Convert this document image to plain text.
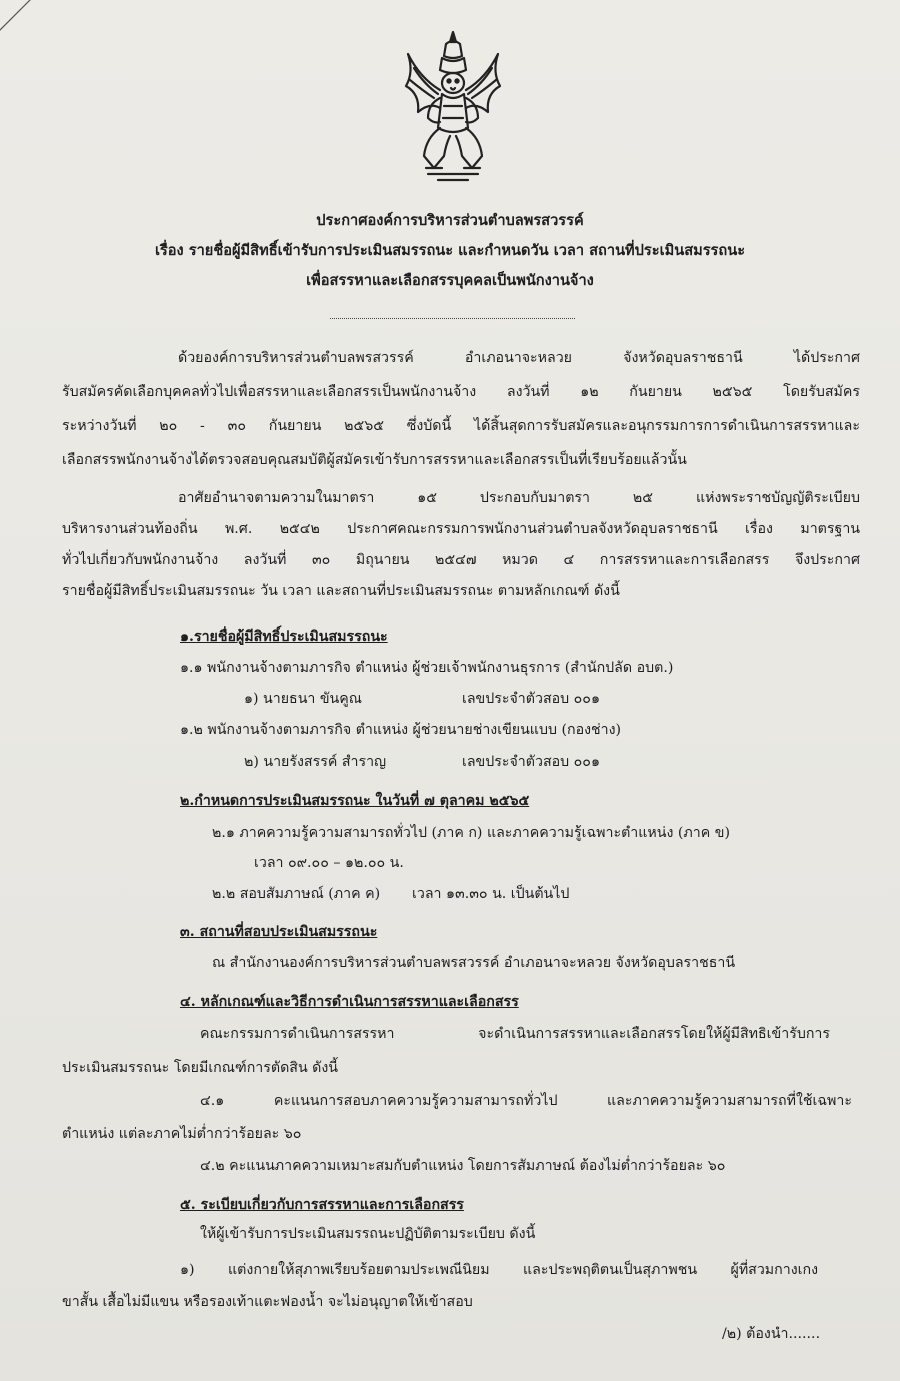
ประกาศองค์การบริหารส่วนตำบลพรสวรรค์
เรื่อง รายชื่อผู้มีสิทธิ์เข้ารับการประเมินสมรรถนะ และกำหนดวัน เวลา สถานที่ประเมินสมรรถนะ
เพื่อสรรหาและเลือกสรรบุคคลเป็นพนักงานจ้าง
ด้วยองค์การบริหารส่วนตำบลพรสวรรค์ อำเภอนาจะหลวย จังหวัดอุบลราชธานี ได้ประกาศ
รับสมัครคัดเลือกบุคคลทั่วไปเพื่อสรรหาและเลือกสรรเป็นพนักงานจ้าง ลงวันที่ ๑๒ กันยายน ๒๕๖๕ โดยรับสมัคร
ระหว่างวันที่ ๒๐ - ๓๐ กันยายน ๒๕๖๕ ซึ่งบัดนี้ ได้สิ้นสุดการรับสมัครและอนุกรรมการการดำเนินการสรรหาและ
เลือกสรรพนักงานจ้างได้ตรวจสอบคุณสมบัติผู้สมัครเข้ารับการสรรหาและเลือกสรรเป็นที่เรียบร้อยแล้วนั้น
อาศัยอำนาจตามความในมาตรา ๑๕ ประกอบกับมาตรา ๒๕ แห่งพระราชบัญญัติระเบียบ
บริหารงานส่วนท้องถิ่น พ.ศ. ๒๕๔๒ ประกาศคณะกรรมการพนักงานส่วนตำบลจังหวัดอุบลราชธานี เรื่อง มาตรฐาน
ทั่วไปเกี่ยวกับพนักงานจ้าง ลงวันที่ ๓๐ มิถุนายน ๒๕๔๗ หมวด ๔ การสรรหาและการเลือกสรร จึงประกาศ
รายชื่อผู้มีสิทธิ์ประเมินสมรรถนะ วัน เวลา และสถานที่ประเมินสมรรถนะ ตามหลักเกณฑ์ ดังนี้
๑.รายชื่อผู้มีสิทธิ์ประเมินสมรรถนะ
๑.๑ พนักงานจ้างตามภารกิจ ตำแหน่ง ผู้ช่วยเจ้าพนักงานธุรการ (สำนักปลัด อบต.)
๑) นายธนา ขันคูณ	เลขประจำตัวสอบ ๐๐๑
๑.๒ พนักงานจ้างตามภารกิจ ตำแหน่ง ผู้ช่วยนายช่างเขียนแบบ (กองช่าง)
๒) นายรังสรรค์ สำราญ	เลขประจำตัวสอบ ๐๐๑
๒.กำหนดการประเมินสมรรถนะ ในวันที่ ๗ ตุลาคม ๒๕๖๕
๒.๑ ภาคความรู้ความสามารถทั่วไป (ภาค ก) และภาคความรู้เฉพาะตำแหน่ง (ภาค ข)
เวลา ๐๙.๐๐ – ๑๒.๐๐ น.
๒.๒ สอบสัมภาษณ์ (ภาค ค) เวลา ๑๓.๓๐ น. เป็นต้นไป
๓. สถานที่สอบประเมินสมรรถนะ
ณ สำนักงานองค์การบริหารส่วนตำบลพรสวรรค์ อำเภอนาจะหลวย จังหวัดอุบลราชธานี
๔. หลักเกณฑ์และวิธีการดำเนินการสรรหาและเลือกสรร
คณะกรรมการดำเนินการสรรหา จะดำเนินการสรรหาและเลือกสรรโดยให้ผู้มีสิทธิเข้ารับการ
ประเมินสมรรถนะ โดยมีเกณฑ์การตัดสิน ดังนี้
๔.๑ คะแนนการสอบภาคความรู้ความสามารถทั่วไป และภาคความรู้ความสามารถที่ใช้เฉพาะ
ตำแหน่ง แต่ละภาคไม่ต่ำกว่าร้อยละ ๖๐
๔.๒ คะแนนภาคความเหมาะสมกับตำแหน่ง โดยการสัมภาษณ์ ต้องไม่ต่ำกว่าร้อยละ ๖๐
๕. ระเบียบเกี่ยวกับการสรรหาและการเลือกสรร
ให้ผู้เข้ารับการประเมินสมรรถนะปฏิบัติตามระเบียบ ดังนี้
๑) แต่งกายให้สุภาพเรียบร้อยตามประเพณีนิยม และประพฤติตนเป็นสุภาพชน ผู้ที่สวมกางเกง
ขาสั้น เสื้อไม่มีแขน หรือรองเท้าแตะฟองน้ำ จะไม่อนุญาตให้เข้าสอบ
/๒) ต้องนำ.......
